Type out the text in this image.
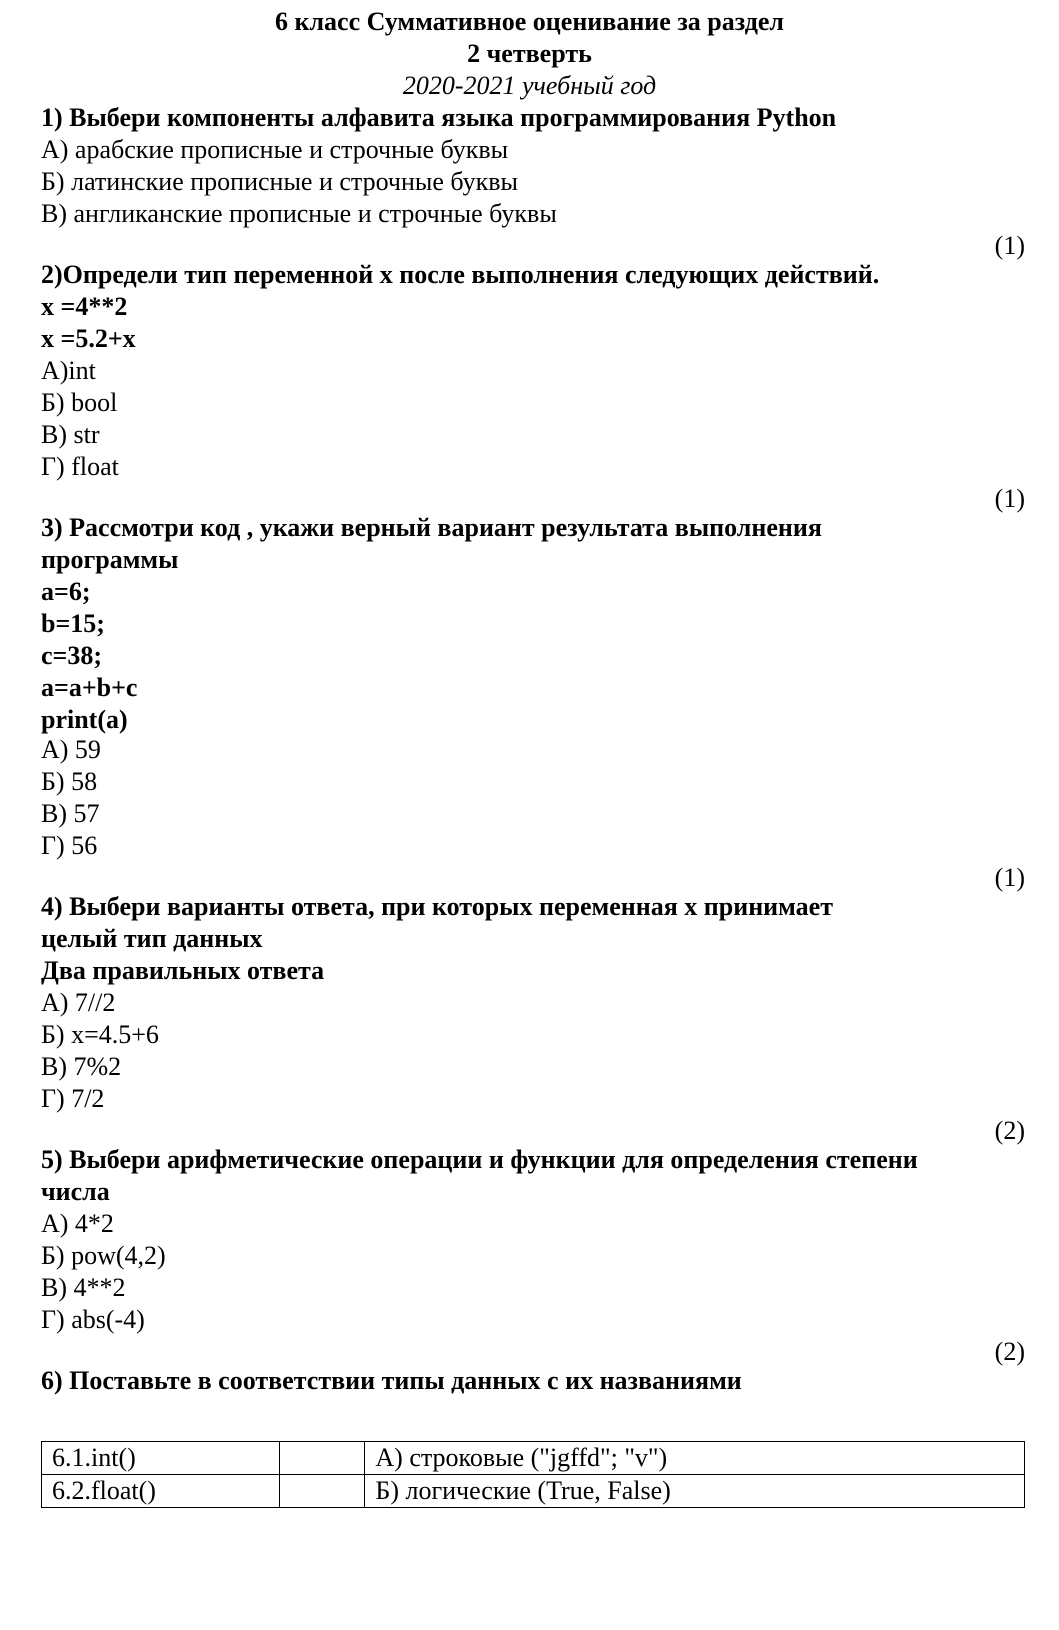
6 класс Суммативное оценивание за раздел
2 четверть
2020-2021 учебный год
1) Выбери компоненты алфавита языка программирования Python
А) арабские прописные и строчные буквы
Б) латинские прописные и строчные буквы
В) англиканские прописные и строчные буквы
(1)
2)Определи тип переменной х после выполнения следующих действий.
x =4**2
x =5.2+x
А)int
Б) bool
В) str
Г) float
(1)
3) Рассмотри код , укажи верный вариант результата выполнения
программы
a=6;
b=15;
c=38;
a=a+b+c
print(a)
А) 59
Б) 58
В) 57
Г) 56
(1)
4) Выбери варианты ответа, при которых переменная х принимает
целый тип данных
Два правильных ответа
А) 7//2
Б) x=4.5+6
В) 7%2
Г) 7/2
(2)
5) Выбери арифметические операции и функции для определения степени
числа
А) 4*2
Б) pow(4,2)
В) 4**2
Г) abs(-4)
(2)
6) Поставьте в соответствии типы данных с их названиями
6.1.int()		А) строковые ("jgffd"; "v")
6.2.float()		Б) логические (True, False)
